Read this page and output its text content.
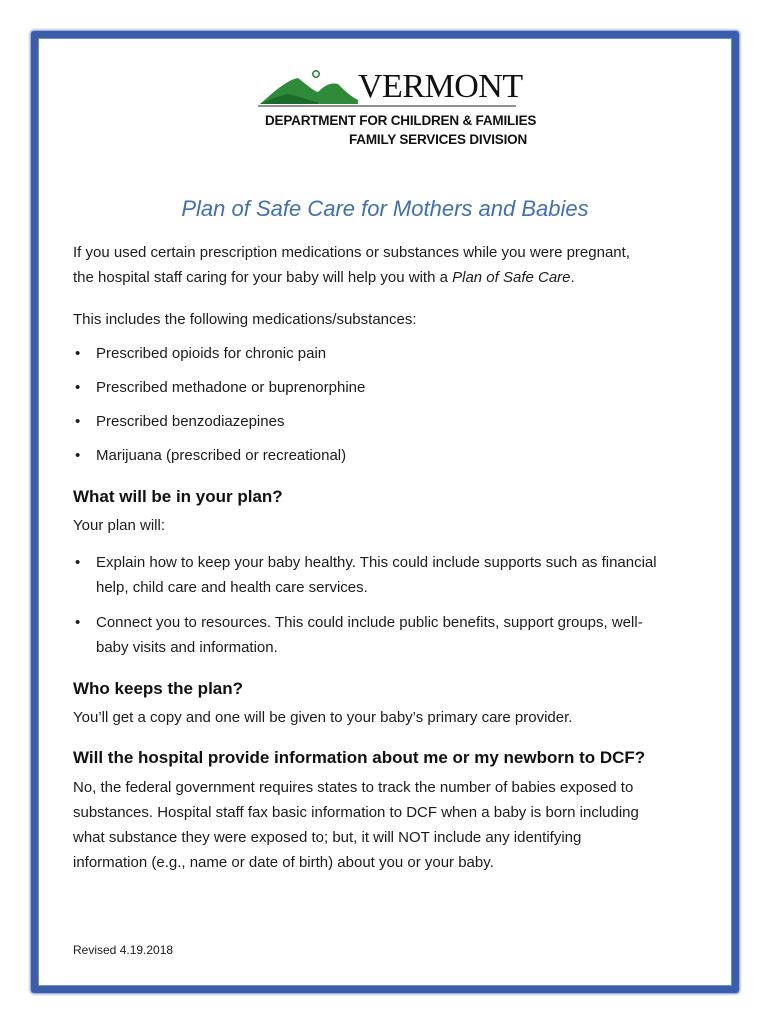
VERMONT
DEPARTMENT FOR CHILDREN & FAMILIES
FAMILY SERVICES DIVISION
Plan of Safe Care for Mothers and Babies
If you used certain prescription medications or substances while you were pregnant,
the hospital staff caring for your baby will help you with a Plan of Safe Care.
This includes the following medications/substances:
• Prescribed opioids for chronic pain
• Prescribed methadone or buprenorphine
• Prescribed benzodiazepines
• Marijuana (prescribed or recreational)
What will be in your plan?
Your plan will:
• Explain how to keep your baby healthy. This could include supports such as financial
help, child care and health care services.
• Connect you to resources. This could include public benefits, support groups, well-
baby visits and information.
Who keeps the plan?
You’ll get a copy and one will be given to your baby’s primary care provider.
Will the hospital provide information about me or my newborn to DCF?
No, the federal government requires states to track the number of babies exposed to
substances. Hospital staff fax basic information to DCF when a baby is born including
what substance they were exposed to; but, it will NOT include any identifying
information (e.g., name or date of birth) about you or your baby.
Revised 4.19.2018
